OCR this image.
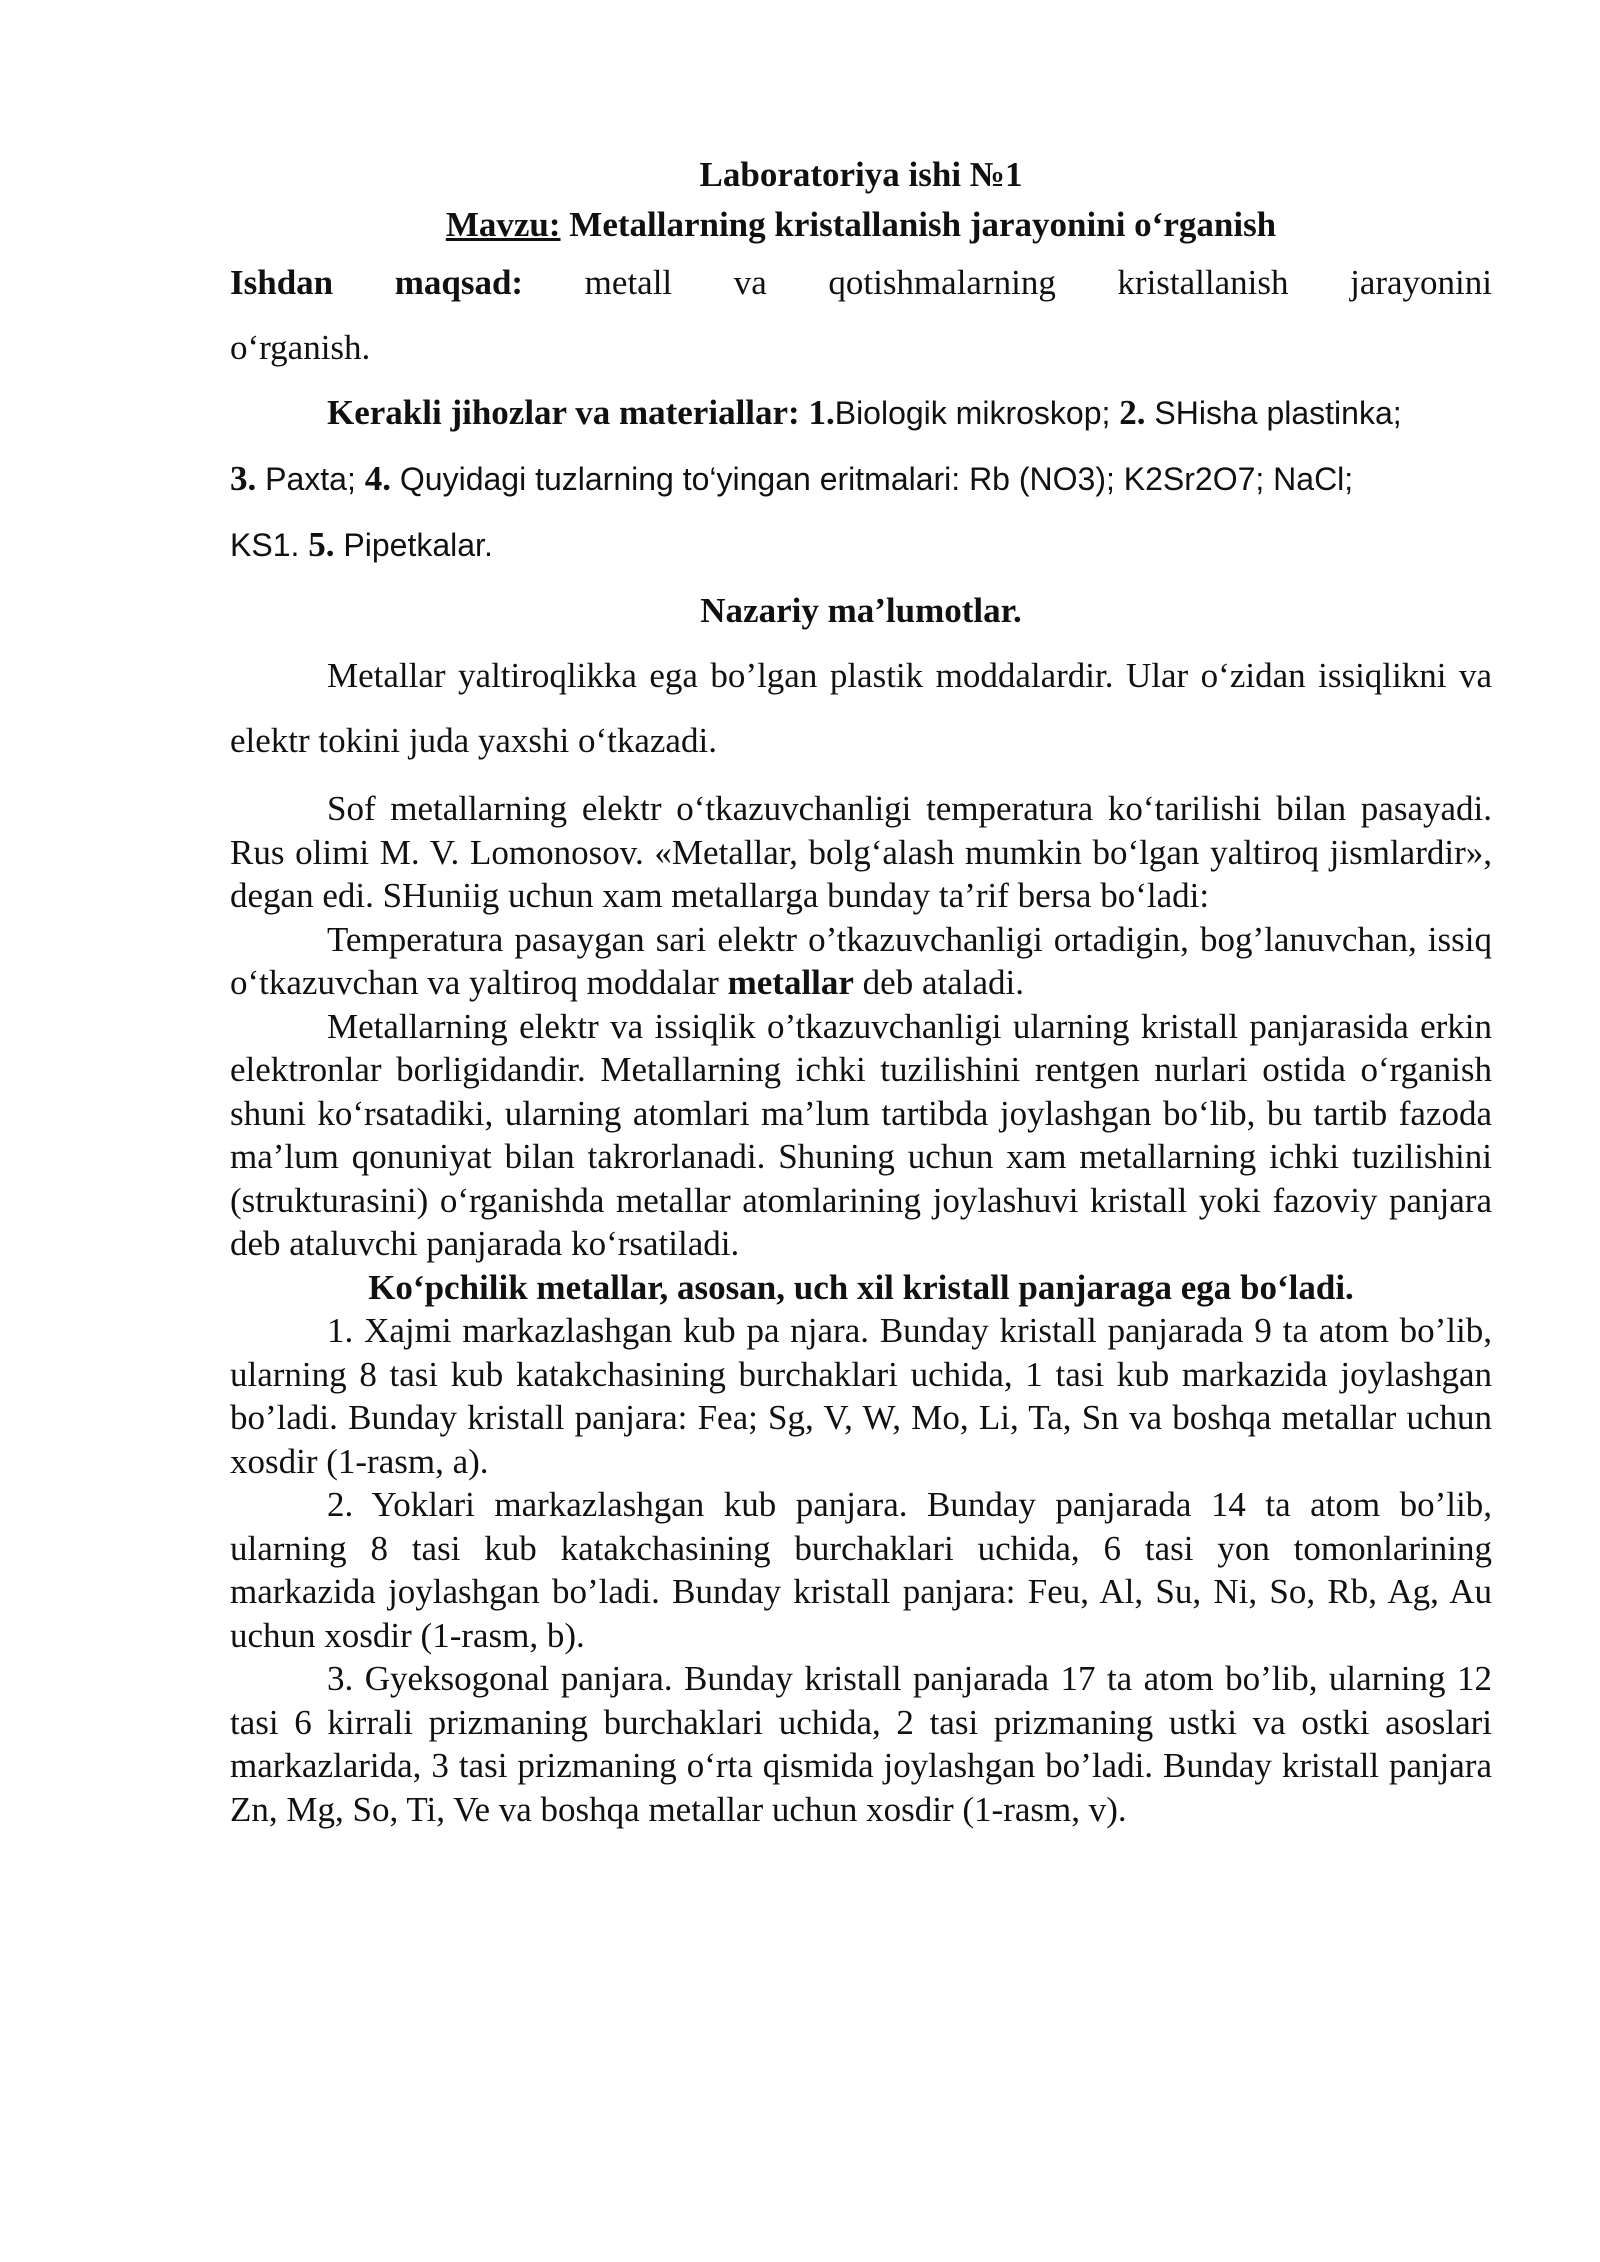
Laboratoriya ishi №1

Mavzu: Metallarning kristallanish jarayonini o‘rganish

Ishdan maqsad: metall va qotishmalarning kristallanish jarayonini

o‘rganish.

Kerakli jihozlar va materiallar: 1.Biologik mikroskop; 2. SHisha plastinka;
3. Paxta; 4. Quyidagi tuzlarning to‘yingan eritmalari: Rb (NO3); K2Sr2O7; NaCl;
KS1. 5. Pipetkalar.

Nazariy ma’lumotlar.

Metallar yaltiroqlikka ega bo’lgan plastik moddalardir. Ular o‘zidan issiqlikni va elektr tokini juda yaxshi o‘tkazadi.

Sof metallarning elektr o‘tkazuvchanligi temperatura ko‘tarilishi bilan pasayadi. Rus olimi M. V. Lomonosov. «Metallar, bolg‘alash mumkin bo‘lgan yaltiroq jismlardir», degan edi. SHuniig uchun xam metallarga bunday ta’rif bersa bo‘ladi:

Temperatura pasaygan sari elektr o’tkazuvchanligi ortadigin, bog’lanuvchan, issiq o‘tkazuvchan va yaltiroq moddalar metallar deb ataladi.

Metallarning elektr va issiqlik o’tkazuvchanligi ularning kristall panjarasida erkin elektronlar borligidandir. Metallarning ichki tuzilishini rentgen nurlari ostida o‘rganish shuni ko‘rsatadiki, ularning atomlari ma’lum tartibda joylashgan bo‘lib, bu tartib fazoda ma’lum qonuniyat bilan takrorlanadi. Shuning uchun xam metallarning ichki tuzilishini (strukturasini) o‘rganishda metallar atomlarining joylashuvi kristall yoki fazoviy panjara deb ataluvchi panjarada ko‘rsatiladi.

Ko‘pchilik metallar, asosan, uch xil kristall panjaraga ega bo‘ladi.

1. Xajmi markazlashgan kub pa njara. Bunday kristall panjarada 9 ta atom bo’lib, ularning 8 tasi kub katakchasining burchaklari uchida, 1 tasi kub markazida joylashgan bo’ladi. Bunday kristall panjara: Fea; Sg, V, W, Mo, Li, Ta, Sn va boshqa metallar uchun xosdir (1-rasm, a).

2. Yoklari markazlashgan kub panjara. Bunday panjarada 14 ta atom bo’lib, ularning 8 tasi kub katakchasining burchaklari uchida, 6 tasi yon tomonlarining markazida joylashgan bo’ladi. Bunday kristall panjara: Feu, Al, Su, Ni, So, Rb, Ag, Au uchun xosdir (1-rasm, b).

3. Gyeksogonal panjara. Bunday kristall panjarada 17 ta atom bo’lib, ularning 12 tasi 6 kirrali prizmaning burchaklari uchida, 2 tasi prizmaning ustki va ostki asoslari markazlarida, 3 tasi prizmaning o‘rta qismida joylashgan bo’ladi. Bunday kristall panjara Zn, Mg, So, Ti, Ve va boshqa metallar uchun xosdir (1-rasm, v).
